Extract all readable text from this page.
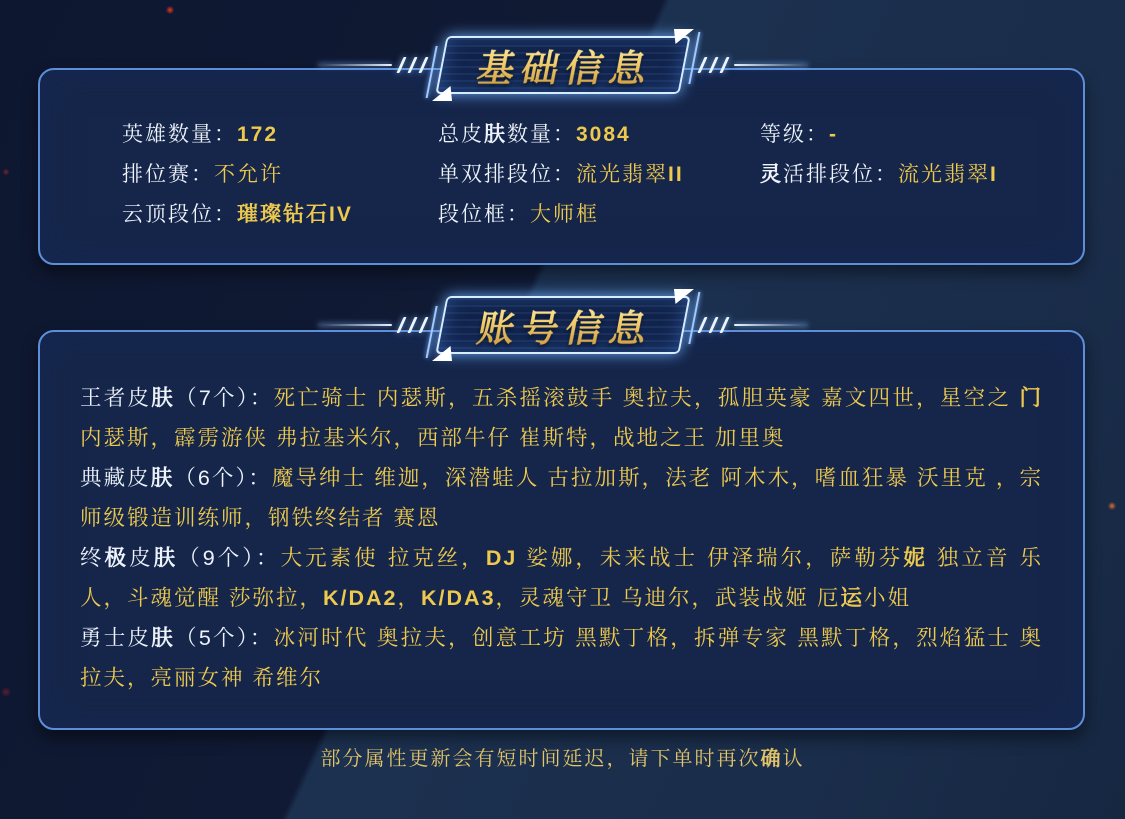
基础信息
英雄数量：172	总皮肤数量：3084	等级：-
排位赛：不允许	单双排段位：流光翡翠II	灵活排段位：流光翡翠I
云顶段位：璀璨钻石IV	段位框：大师框
账号信息

王者皮肤（7个）：死亡骑士 内瑟斯，五杀摇滚鼓手 奥拉夫，孤胆英豪 嘉文四世，星空之 门 内瑟斯，霹雳游侠 弗拉基米尔，西部牛仔 崔斯特，战地之王 加里奥

典藏皮肤（6个）：魔导绅士 维迦，深潜蛙人 古拉加斯，法老 阿木木，嗜血狂暴 沃里克 ，宗师级锻造训练师，钢铁终结者 赛恩

终极皮肤（9个）：大元素使 拉克丝，DJ 娑娜，未来战士 伊泽瑞尔，萨勒芬妮 独立音 乐人，斗魂觉醒 莎弥拉，K/DA2，K/DA3，灵魂守卫 乌迪尔，武装战姬 厄运小姐

勇士皮肤（5个）：冰河时代 奥拉夫，创意工坊 黑默丁格，拆弹专家 黑默丁格，烈焰猛士 奥拉夫，亮丽女神 希维尔

部分属性更新会有短时间延迟，请下单时再次确认
